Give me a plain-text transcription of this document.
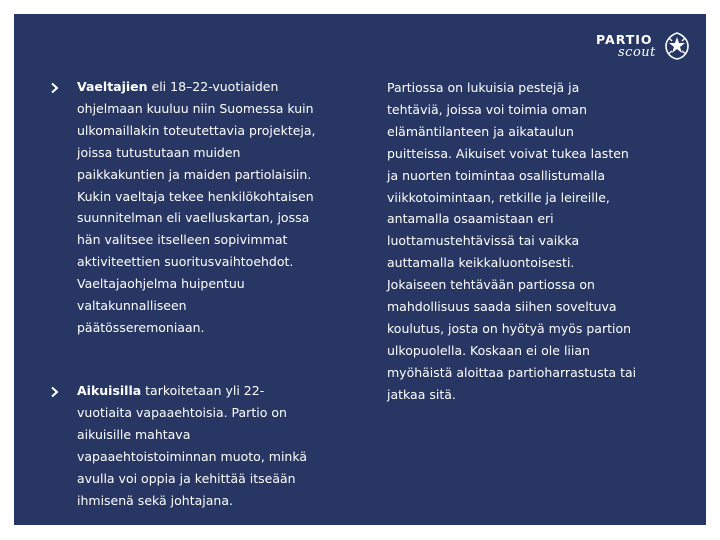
PARTIO
scout

Vaeltajien eli 18–22-vuotiaiden ohjelmaan kuuluu niin Suomessa kuin ulkomaillakin toteutettavia projekteja, joissa tutustutaan muiden paikkakuntien ja maiden partiolaisiin. Kukin vaeltaja tekee henkilökohtaisen suunnitelman eli vaelluskartan, jossa hän valitsee itselleen sopivimmat aktiviteettien suoritusvaihtoehdot. Vaeltajaohjelma huipentuu valtakunnalliseen päätösseremoniaan.

Aikuisilla tarkoitetaan yli 22-vuotiaita vapaaehtoisia. Partio on aikuisille mahtava vapaaehtoistoiminnan muoto, minkä avulla voi oppia ja kehittää itseään ihmisenä sekä johtajana.

Partiossa on lukuisia pestejä ja tehtäviä, joissa voi toimia oman elämäntilanteen ja aikataulun puitteissa. Aikuiset voivat tukea lasten ja nuorten toimintaa osallistumalla viikkotoimintaan, retkille ja leireille, antamalla osaamistaan eri luottamustehtävissä tai vaikka auttamalla keikkaluontoisesti. Jokaiseen tehtävään partiossa on mahdollisuus saada siihen soveltuva koulutus, josta on hyötyä myös partion ulkopuolella. Koskaan ei ole liian myöhäistä aloittaa partioharrastusta tai jatkaa sitä.
